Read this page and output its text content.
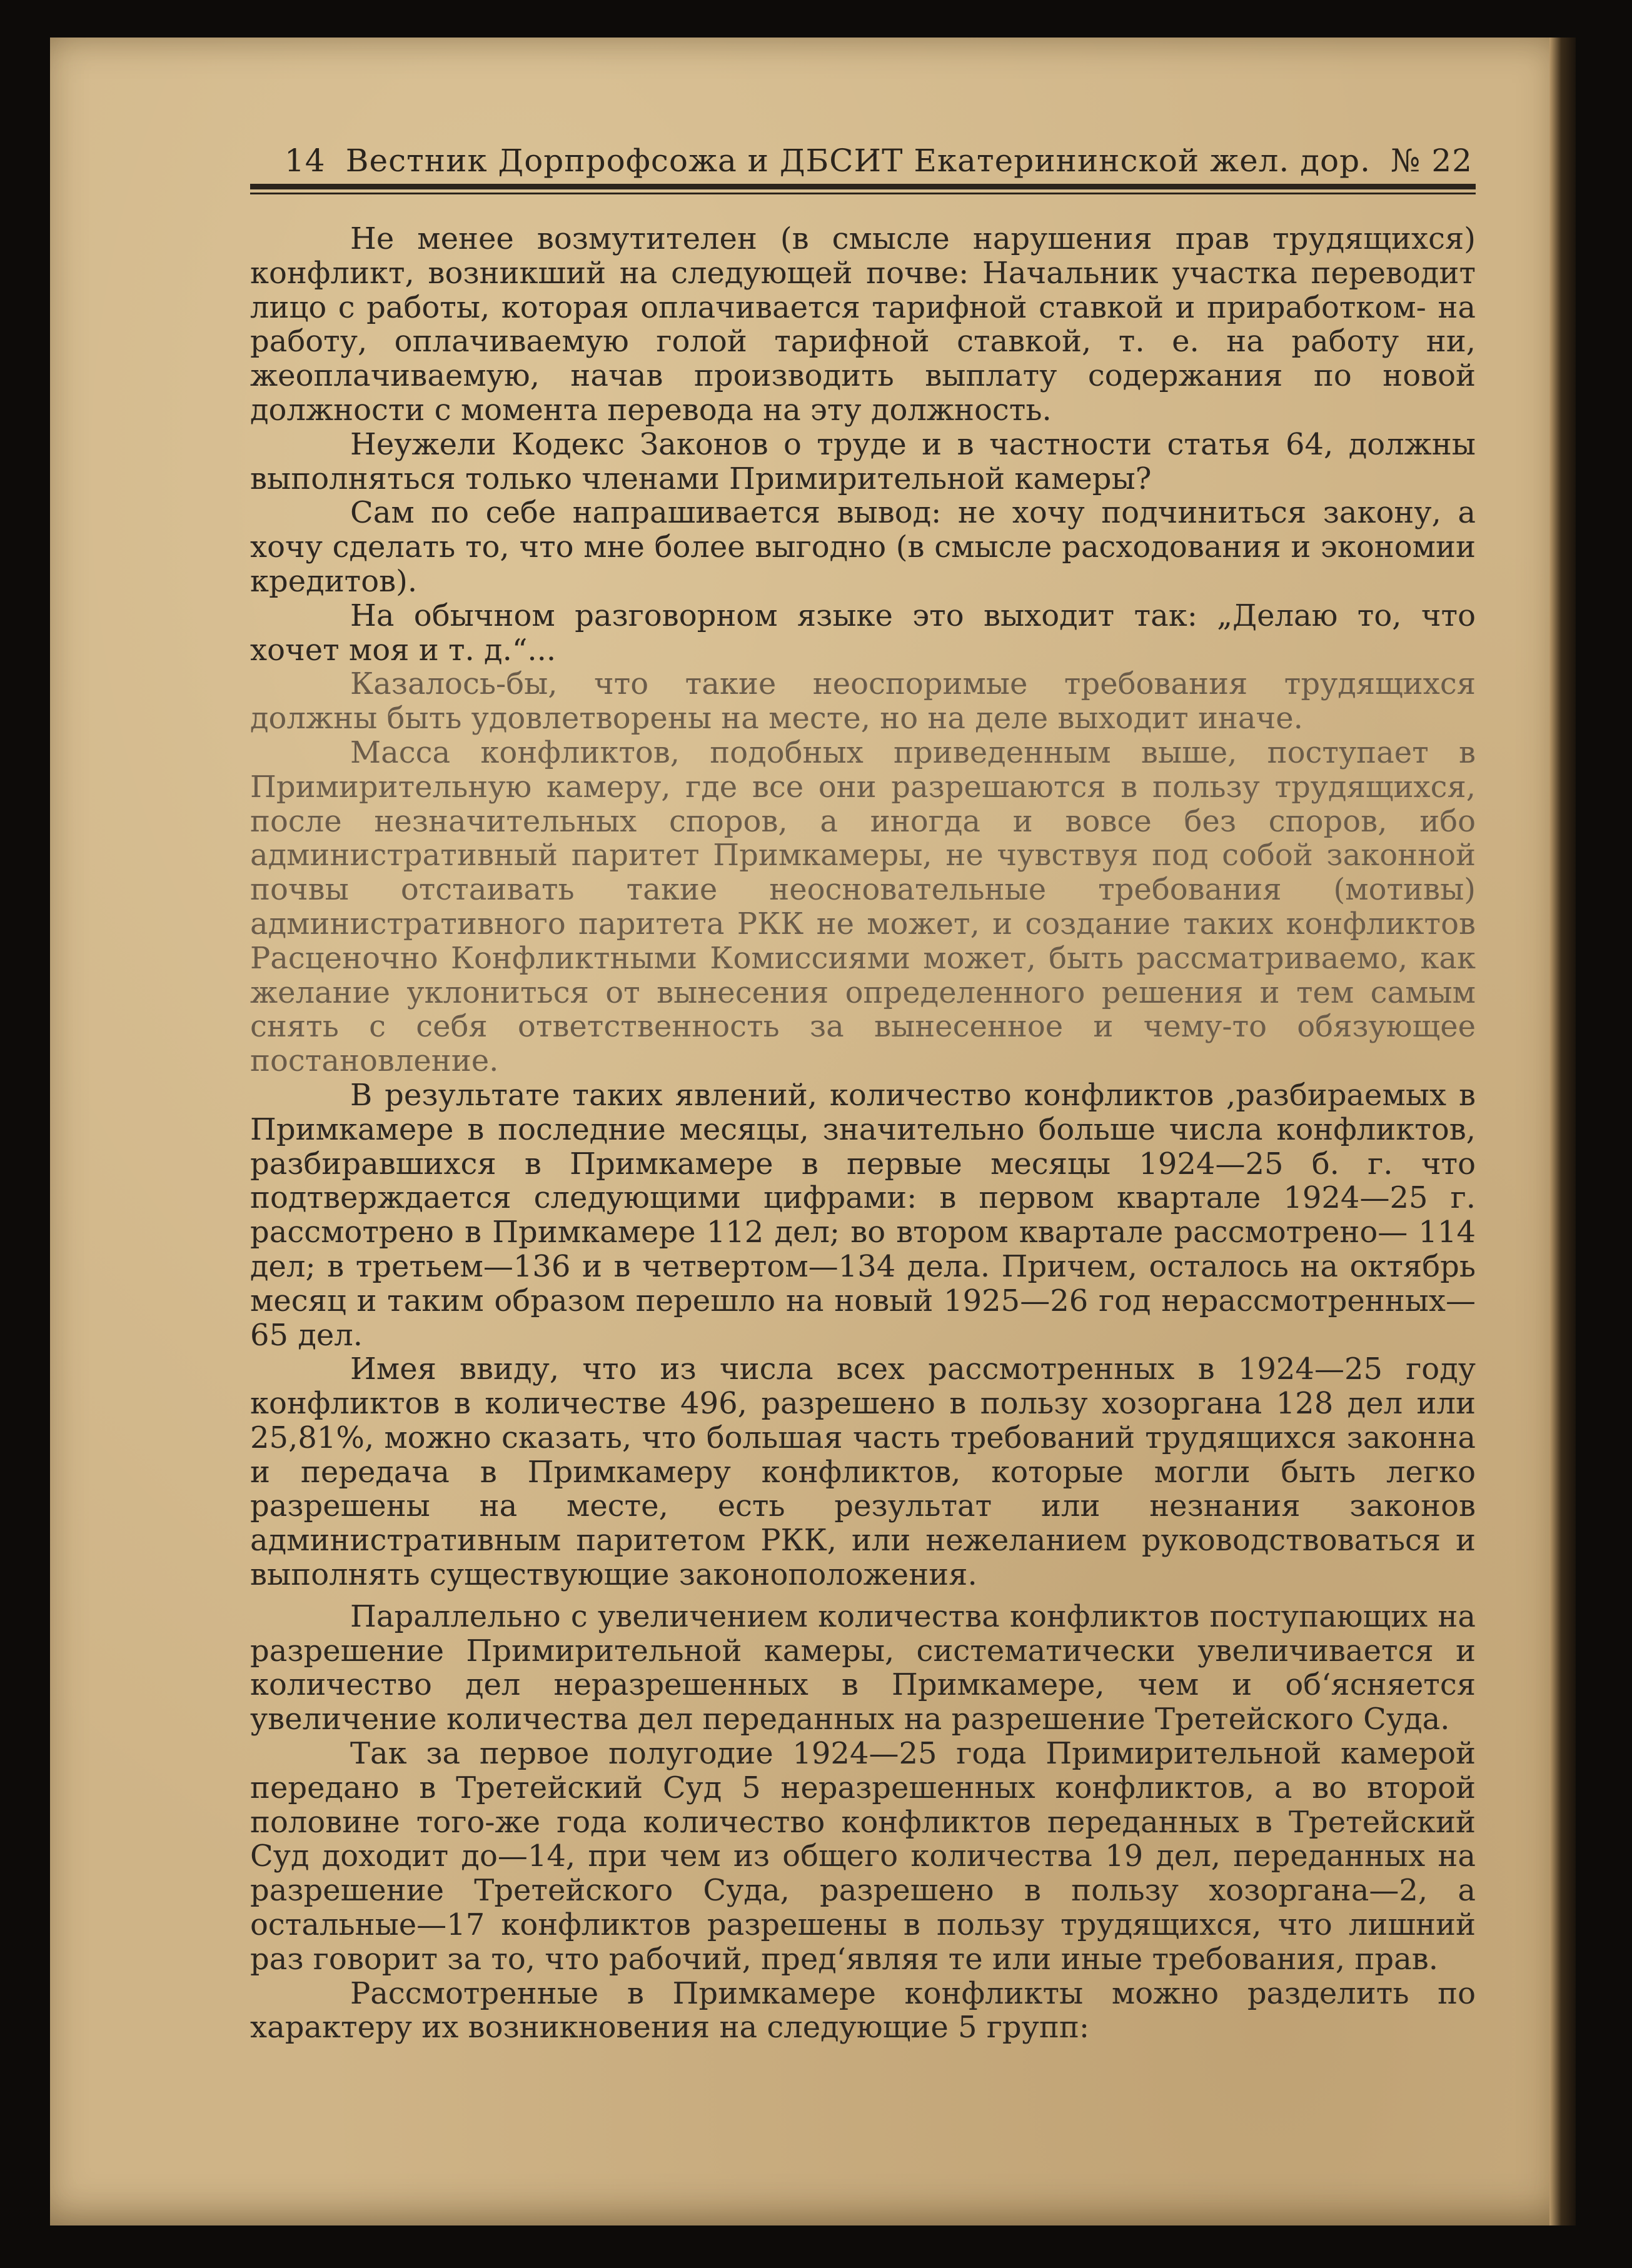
14 Вестник Дорпрофсожа и ДБСИТ Екатерининской жел. дор. № 22

Не менее возмутителен (в смысле нарушения прав трудящихся) конфликт, возникший на следующей почве: Начальник участка переводит лицо с работы, которая оплачивается тарифной ставкой и приработком- на работу, оплачиваемую голой тарифной ставкой, т. е. на работу ни, жеоплачиваемую, начав производить выплату содержания по новой должности с момента перевода на эту должность.

Неужели Кодекс Законов о труде и в частности статья 64, должны выполняться только членами Примирительной камеры?

Сам по себе напрашивается вывод: не хочу подчиниться закону, а хочу сделать то, что мне более выгодно (в смысле расходования и экономии кредитов).

На обычном разговорном языке это выходит так: „Делаю то, что хочет моя и т. д.“...

Казалось-бы, что такие неоспоримые требования трудящихся должны быть удовлетворены на месте, но на деле выходит иначе.

Масса конфликтов, подобных приведенным выше, поступает в Примирительную камеру, где все они разрешаются в пользу трудящихся, после незначительных споров, а иногда и вовсе без споров, ибо административный паритет Примкамеры, не чувствуя под собой законной почвы отстаивать такие неосновательные требования (мотивы) административного паритета РКК не может, и создание таких конфликтов Расценочно Конфликтными Комиссиями может, быть рассматриваемо, как желание уклониться от вынесения определенного решения и тем самым снять с себя ответственность за вынесенное и чему-то обязующее постановление.

В результате таких явлений, количество конфликтов ,разбираемых в Примкамере в последние месяцы, значительно больше числа конфликтов, разбиравшихся в Примкамере в первые месяцы 1924—25 б. г. что подтверждается следующими цифрами: в первом квартале 1924—25 г. рассмотрено в Примкамере 112 дел; во втором квартале рассмотрено— 114 дел; в третьем—136 и в четвертом—134 дела. Причем, осталось на октябрь месяц и таким образом перешло на новый 1925—26 год нерассмотренных—65 дел.

Имея ввиду, что из числа всех рассмотренных в 1924—25 году конфликтов в количестве 496, разрешено в пользу хозоргана 128 дел или 25,81%, можно сказать, что большая часть требований трудящихся законна и передача в Примкамеру конфликтов, которые могли быть легко разрешены на месте, есть результат или незнания законов административным паритетом РКК, или нежеланием руководствоваться и выполнять существующие законоположения.

Параллельно с увеличением количества конфликтов поступающих на разрешение Примирительной камеры, систематически увеличивается и количество дел неразрешенных в Примкамере, чем и об‘ясняется увеличение количества дел переданных на разрешение Третейского Суда.

Так за первое полугодие 1924—25 года Примирительной камерой передано в Третейский Суд 5 неразрешенных конфликтов, а во второй половине того-же года количество конфликтов переданных в Третейский Суд доходит до—14, при чем из общего количества 19 дел, переданных на разрешение Третейского Суда, разрешено в пользу хозоргана—2, а остальные—17 конфликтов разрешены в пользу трудящихся, что лишний раз говорит за то, что рабочий, пред‘являя те или иные требования, прав.

Рассмотренные в Примкамере конфликты можно разделить по характеру их возникновения на следующие 5 групп:
